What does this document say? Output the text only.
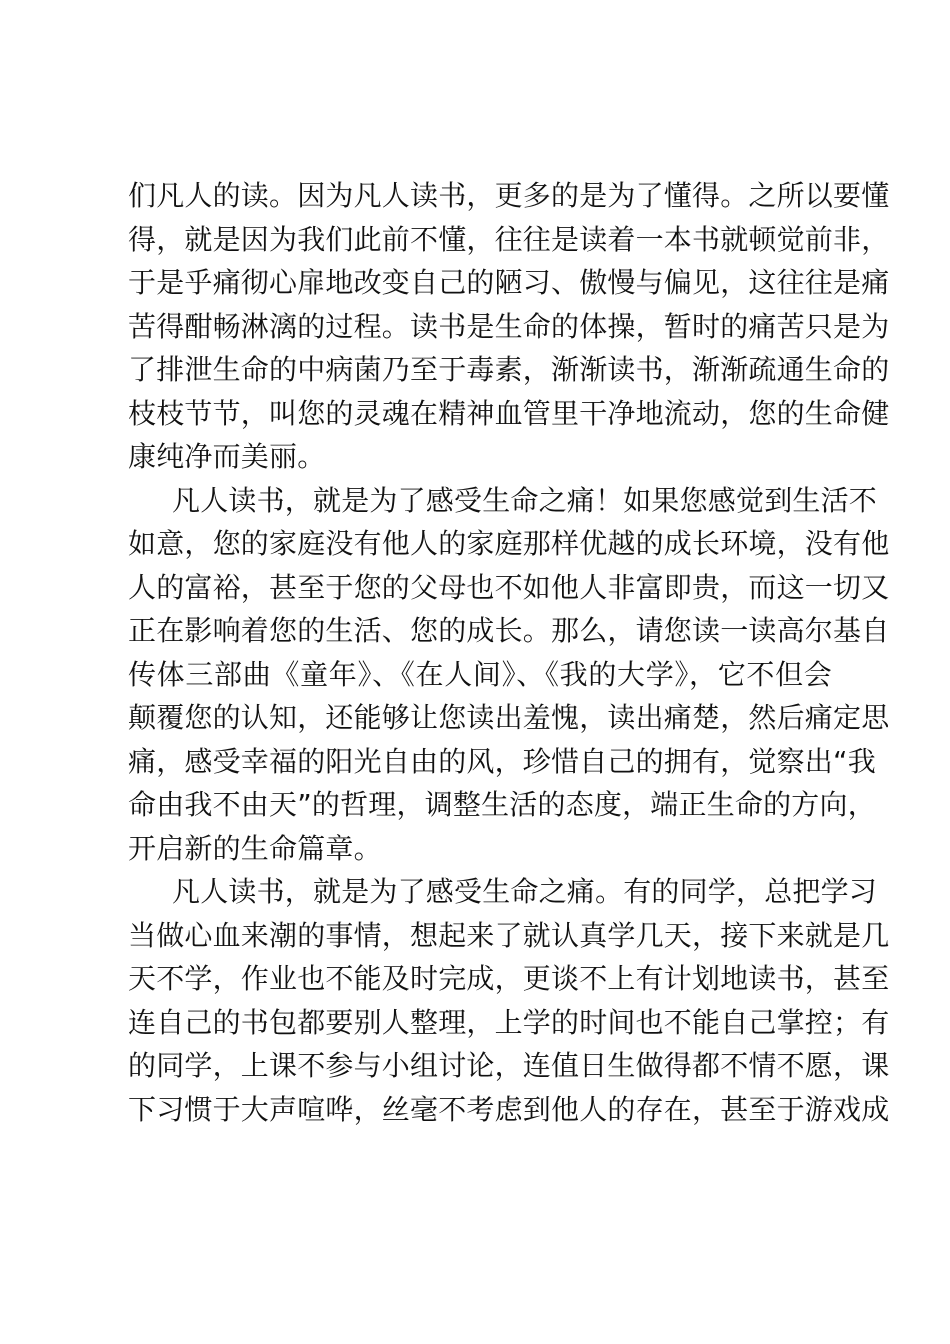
们凡人的读。因为凡人读书，更多的是为了懂得。之所以要懂
得，就是因为我们此前不懂，往往是读着一本书就顿觉前非，
于是乎痛彻心扉地改变自己的陋习、傲慢与偏见，这往往是痛
苦得酣畅淋漓的过程。读书是生命的体操，暂时的痛苦只是为
了排泄生命的中病菌乃至于毒素，渐渐读书，渐渐疏通生命的
枝枝节节，叫您的灵魂在精神血管里干净地流动，您的生命健
康纯净而美丽。
凡人读书，就是为了感受生命之痛！如果您感觉到生活不
如意，您的家庭没有他人的家庭那样优越的成长环境，没有他
人的富裕，甚至于您的父母也不如他人非富即贵，而这一切又
正在影响着您的生活、您的成长。那么，请您读一读高尔基自
传体三部曲《童年》、《在人间》、《我的大学》，它不但会
颠覆您的认知，还能够让您读出羞愧，读出痛楚，然后痛定思
痛，感受幸福的阳光自由的风，珍惜自己的拥有，觉察出“我
命由我不由天”的哲理，调整生活的态度，端正生命的方向，
开启新的生命篇章。
凡人读书，就是为了感受生命之痛。有的同学，总把学习
当做心血来潮的事情，想起来了就认真学几天，接下来就是几
天不学，作业也不能及时完成，更谈不上有计划地读书，甚至
连自己的书包都要别人整理，上学的时间也不能自己掌控；有
的同学，上课不参与小组讨论，连值日生做得都不情不愿，课
下习惯于大声喧哗，丝毫不考虑到他人的存在，甚至于游戏成
